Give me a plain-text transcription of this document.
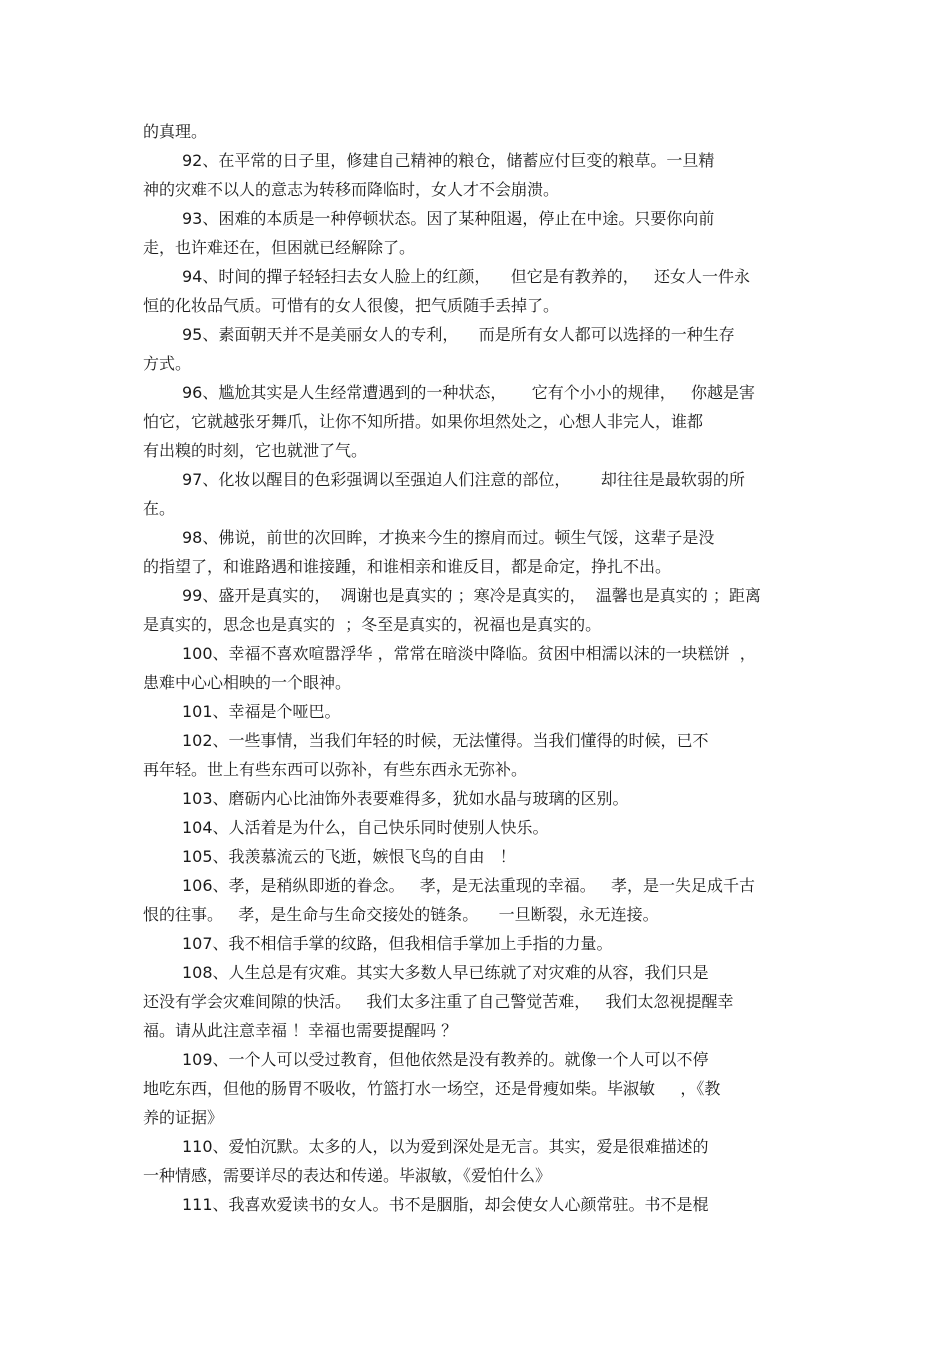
的真理。
92、在平常的日子里，修建自己精神的粮仓，储蓄应付巨变的粮草。一旦精
神的灾难不以人的意志为转移而降临时，女人才不会崩溃。
93、困难的本质是一种停顿状态。因了某种阻遏，停止在中途。只要你向前
走，也许难还在，但困就已经解除了。
94、时间的撣子轻轻扫去女人脸上的红颜，    但它是有教养的，   还女人一件永
恒的化妆品气质。可惜有的女人很傻，把气质随手丢掉了。
95、素面朝天并不是美丽女人的专利，    而是所有女人都可以选择的一种生存
方式。
96、尴尬其实是人生经常遭遇到的一种状态，     它有个小小的规律，   你越是害
怕它，它就越张牙舞爪，让你不知所措。如果你坦然处之，心想人非完人，谁都
有出糗的时刻，它也就泄了气。
97、化妆以醒目的色彩强调以至强迫人们注意的部位，      却往往是最软弱的所
在。
98、佛说，前世的次回眸，才换来今生的擦肩而过。顿生气馁，这辈子是没
的指望了，和谁路遇和谁接踵，和谁相亲和谁反目，都是命定，挣扎不出。
99、盛开是真实的，  凋谢也是真实的 ；寒冷是真实的，  温馨也是真实的 ；距离
是真实的，思念也是真实的  ；冬至是真实的，祝福也是真实的。
100、幸福不喜欢喧嚣浮华 ，常常在暗淡中降临。贫困中相濡以沫的一块糕饼  ，
患难中心心相映的一个眼神。
101、幸福是个哑巴。
102、一些事情，当我们年轻的时候，无法懂得。当我们懂得的时候，已不
再年轻。世上有些东西可以弥补，有些东西永无弥补。
103、磨砺内心比油饰外表要难得多，犹如水晶与玻璃的区别。
104、人活着是为什么，自己快乐同时使别人快乐。
105、我羡慕流云的飞逝，嫉恨飞鸟的自由   ！
106、孝，是稍纵即逝的眷念。   孝，是无法重现的幸福。   孝，是一失足成千古
恨的往事。   孝，是生命与生命交接处的链条。    一旦断裂，永无连接。
107、我不相信手掌的纹路，但我相信手掌加上手指的力量。
108、人生总是有灾难。其实大多数人早已练就了对灾难的从容，我们只是
还没有学会灾难间隙的快活。   我们太多注重了自己警觉苦难，   我们太忽视提醒幸
福。请从此注意幸福 ！幸福也需要提醒吗 ？
109、一个人可以受过教育，但他依然是没有教养的。就像一个人可以不停
地吃东西，但他的肠胃不吸收，竹篮打水一场空，还是骨瘦如柴。毕淑敏     ，《教
养的证据》
110、爱怕沉默。太多的人，以为爱到深处是无言。其实，爱是很难描述的
一种情感，需要详尽的表达和传递。毕淑敏，《爱怕什么》
111、我喜欢爱读书的女人。书不是胭脂，却会使女人心颜常驻。书不是棍
